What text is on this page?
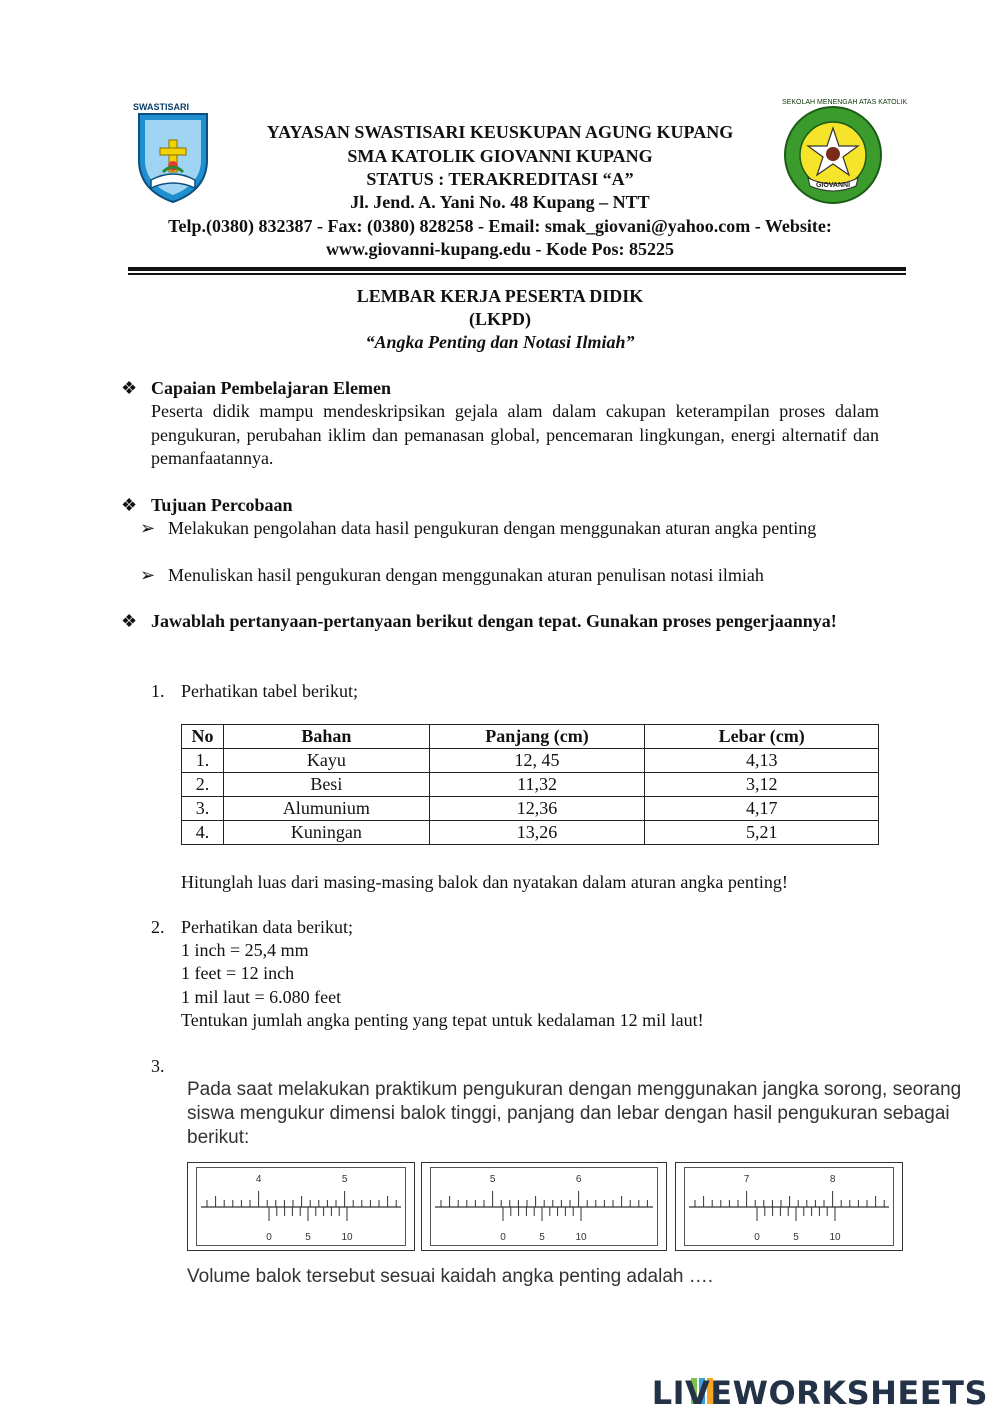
SWASTISARI	SEKOLAH MENENGAH ATAS KATOLIK
GIOVANNI
YAYASAN SWASTISARI KEUSKUPAN AGUNG KUPANG
SMA KATOLIK GIOVANNI KUPANG
STATUS : TERAKREDITASI “A”
Jl. Jend. A. Yani No. 48 Kupang – NTT
Telp.(0380) 832387 - Fax: (0380) 828258 - Email: smak_giovani@yahoo.com - Website:
www.giovanni-kupang.edu - Kode Pos: 85225
LEMBAR KERJA PESERTA DIDIK
(LKPD)
“Angka Penting dan Notasi Ilmiah”
❖ Capaian Pembelajaran Elemen
Peserta didik mampu mendeskripsikan gejala alam dalam cakupan keterampilan proses dalam pengukuran, perubahan iklim dan pemanasan global, pencemaran lingkungan, energi alternatif dan pemanfaatannya.
❖ Tujuan Percobaan
➢ Melakukan pengolahan data hasil pengukuran dengan menggunakan aturan angka penting
➢ Menuliskan hasil pengukuran dengan menggunakan aturan penulisan notasi ilmiah
❖ Jawablah pertanyaan-pertanyaan berikut dengan tepat. Gunakan proses pengerjaannya!
1. Perhatikan tabel berikut;
No	Bahan	Panjang (cm)	Lebar (cm)
1.	Kayu	12, 45	4,13
2.	Besi	11,32	3,12
3.	Alumunium	12,36	4,17
4.	Kuningan	13,26	5,21
Hitunglah luas dari masing-masing balok dan nyatakan dalam aturan angka penting!
2. Perhatikan data berikut;
1 inch = 25,4 mm
1 feet = 12 inch
1 mil laut = 6.080 feet
Tentukan jumlah angka penting yang tepat untuk kedalaman 12 mil laut!
3.
Pada saat melakukan praktikum pengukuran dengan menggunakan jangka sorong, seorang
siswa mengukur dimensi balok tinggi, panjang dan lebar dengan hasil pengukuran sebagai
berikut:
4	5
0	5	10
5	6
0	5	10
7	8
0	5	10
Volume balok tersebut sesuai kaidah angka penting adalah ….
LIVEWORKSHEETS
